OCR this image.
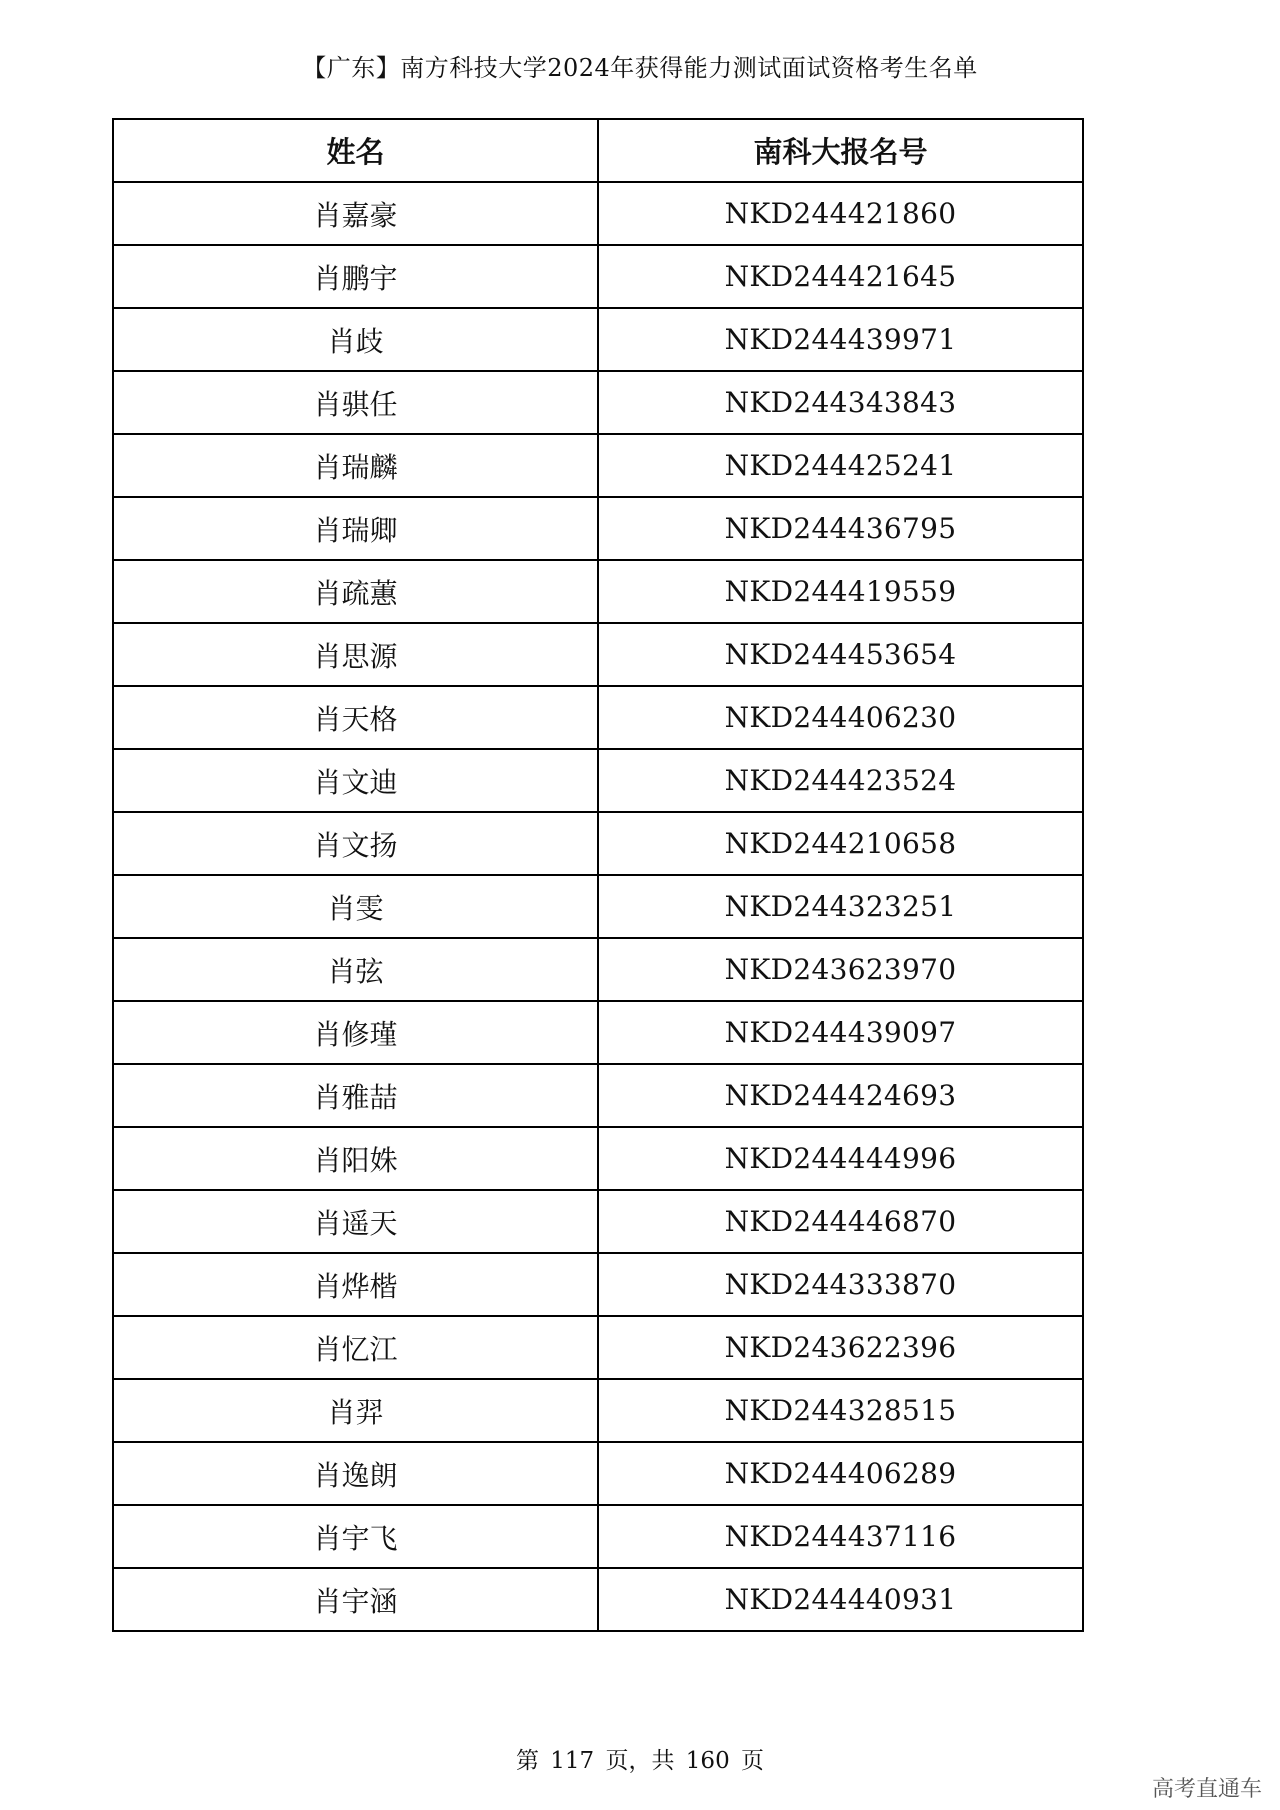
【广东】南方科技大学2024年获得能力测试面试资格考生名单
姓名	南科大报名号
肖嘉豪	NKD244421860
肖鹏宇	NKD244421645
肖歧	NKD244439971
肖骐任	NKD244343843
肖瑞麟	NKD244425241
肖瑞卿	NKD244436795
肖疏蕙	NKD244419559
肖思源	NKD244453654
肖天格	NKD244406230
肖文迪	NKD244423524
肖文扬	NKD244210658
肖雯	NKD244323251
肖弦	NKD243623970
肖修瑾	NKD244439097
肖雅喆	NKD244424693
肖阳姝	NKD244444996
肖遥天	NKD244446870
肖烨楷	NKD244333870
肖忆江	NKD243622396
肖羿	NKD244328515
肖逸朗	NKD244406289
肖宇飞	NKD244437116
肖宇涵	NKD244440931
第 117 页，共 160 页
高考直通车
